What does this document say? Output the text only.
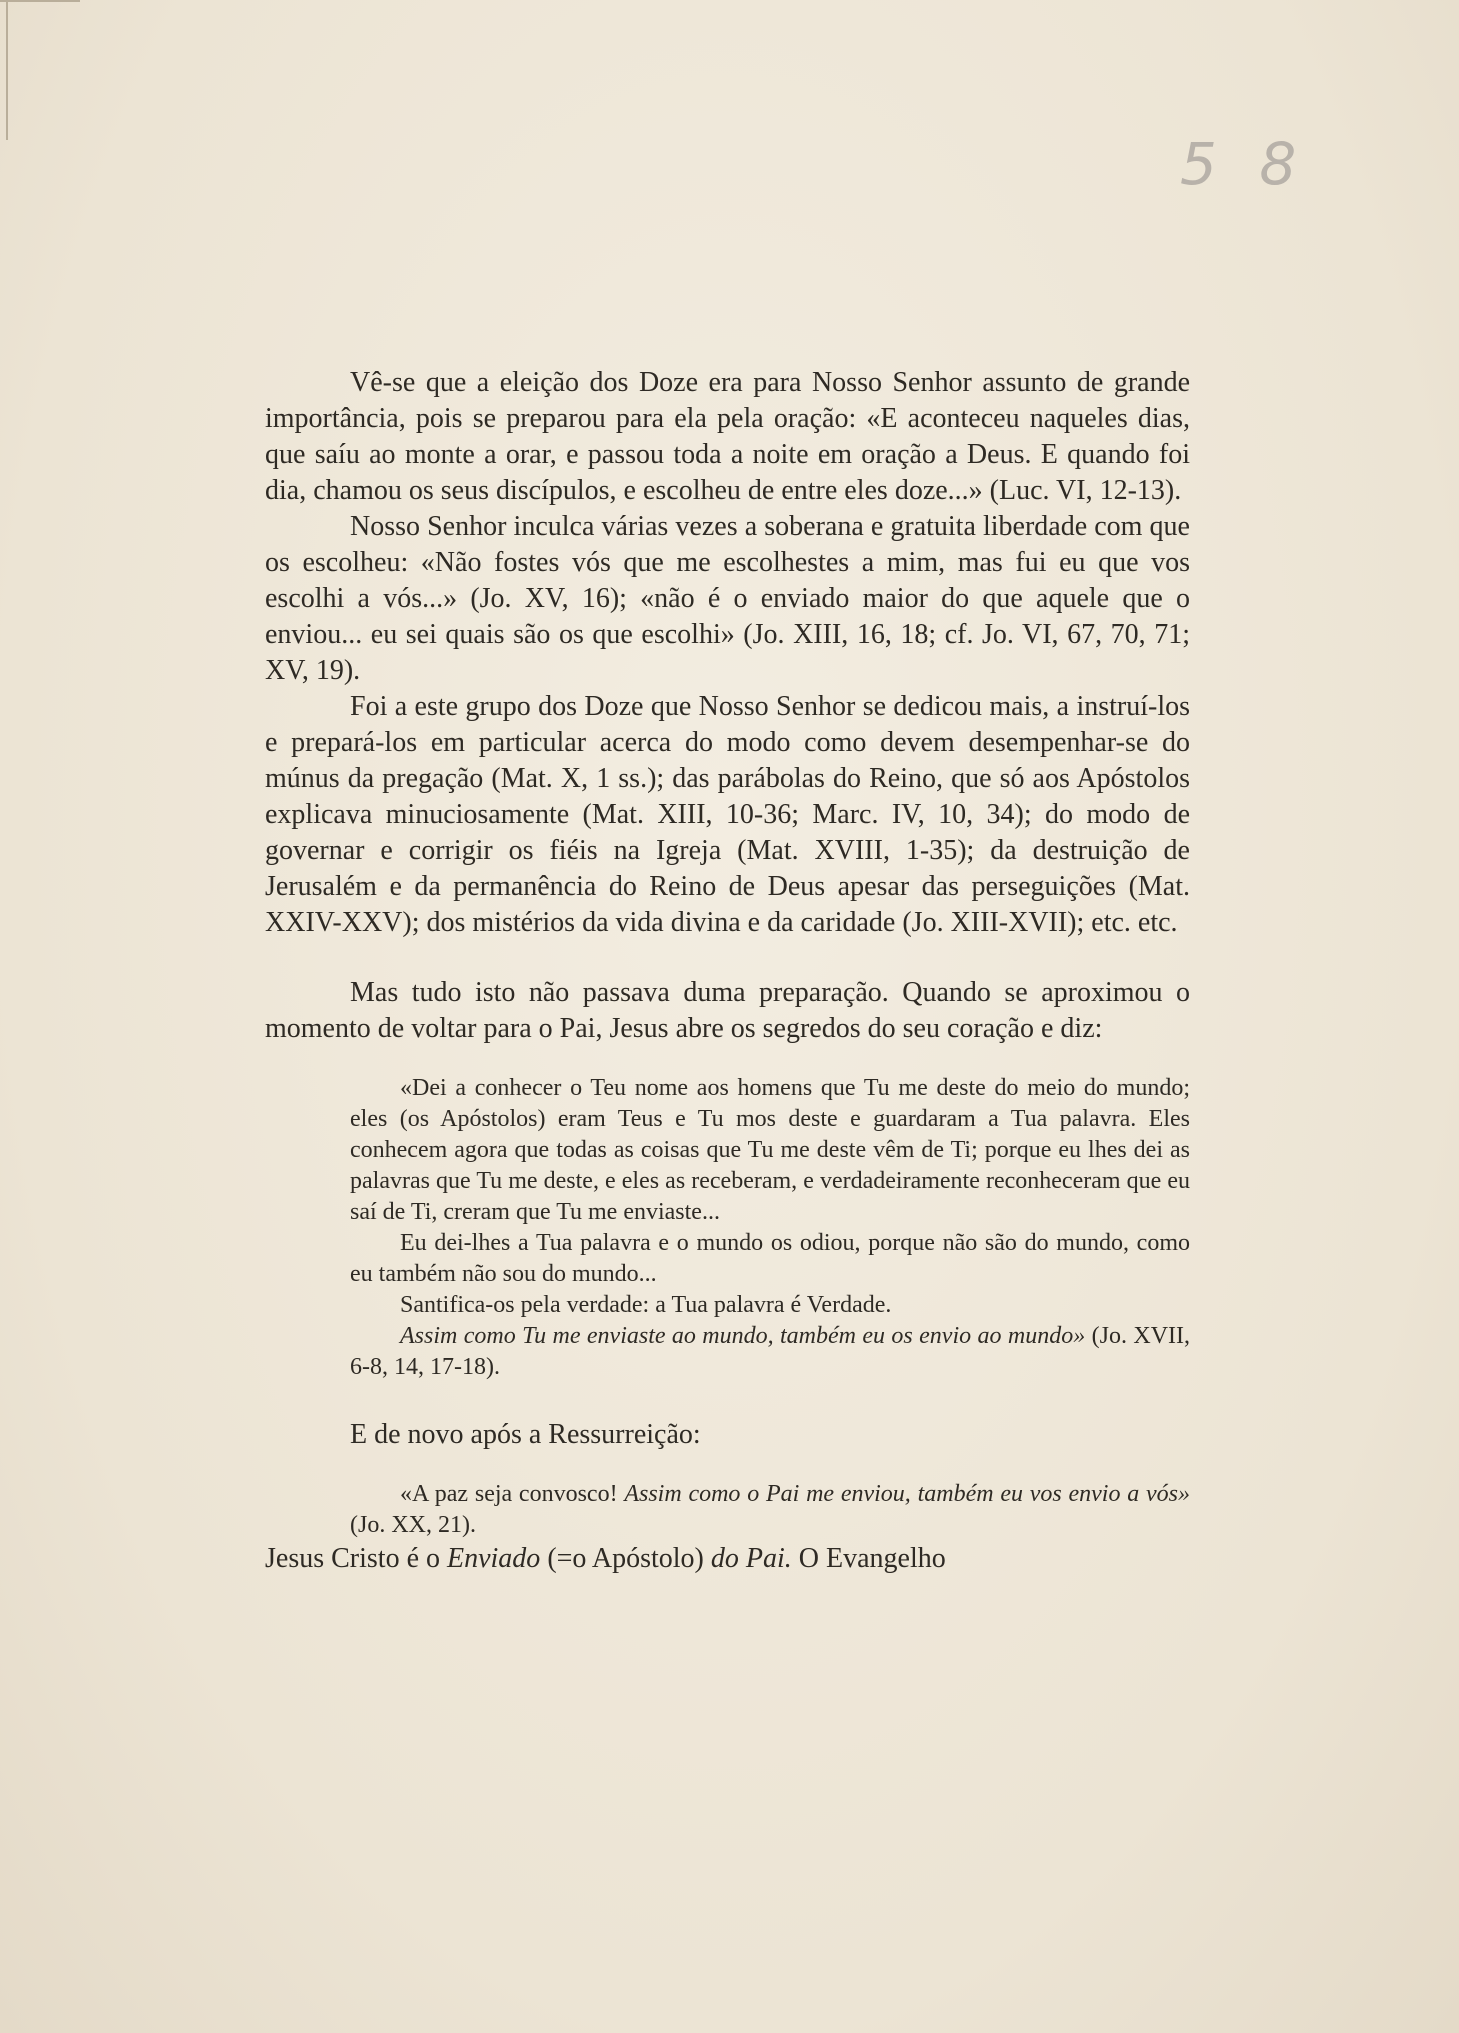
5 8

Vê-se que a eleição dos Doze era para Nosso Senhor assunto de grande importância, pois se preparou para ela pela oração: «E aconteceu naqueles dias, que saíu ao monte a orar, e passou toda a noite em oração a Deus. E quando foi dia, chamou os seus discípulos, e escolheu de entre eles doze...» (Luc. VI, 12-13).

Nosso Senhor inculca várias vezes a soberana e gratuita liberdade com que os escolheu: «Não fostes vós que me escolhestes a mim, mas fui eu que vos escolhi a vós...» (Jo. XV, 16); «não é o enviado maior do que aquele que o enviou... eu sei quais são os que escolhi» (Jo. XIII, 16, 18; cf. Jo. VI, 67, 70, 71; XV, 19).

Foi a este grupo dos Doze que Nosso Senhor se dedicou mais, a instruí-los e prepará-los em particular acerca do modo como devem desempenhar-se do múnus da pregação (Mat. X, 1 ss.); das parábolas do Reino, que só aos Apóstolos explicava minuciosamente (Mat. XIII, 10-36; Marc. IV, 10, 34); do modo de governar e corrigir os fiéis na Igreja (Mat. XVIII, 1-35); da destruição de Jerusalém e da permanência do Reino de Deus apesar das perseguições (Mat. XXIV-XXV); dos mistérios da vida divina e da caridade (Jo. XIII-XVII); etc. etc.

Mas tudo isto não passava duma preparação. Quando se aproximou o momento de voltar para o Pai, Jesus abre os segredos do seu coração e diz:

«Dei a conhecer o Teu nome aos homens que Tu me deste do meio do mundo; eles (os Apóstolos) eram Teus e Tu mos deste e guardaram a Tua palavra. Eles conhecem agora que todas as coisas que Tu me deste vêm de Ti; porque eu lhes dei as palavras que Tu me deste, e eles as receberam, e verdadeiramente reconheceram que eu saí de Ti, creram que Tu me enviaste...

Eu dei-lhes a Tua palavra e o mundo os odiou, porque não são do mundo, como eu também não sou do mundo...

Santifica-os pela verdade: a Tua palavra é Verdade.

Assim como Tu me enviaste ao mundo, também eu os envio ao mundo» (Jo. XVII, 6-8, 14, 17-18).

E de novo após a Ressurreição:

«A paz seja convosco! Assim como o Pai me enviou, também eu vos envio a vós» (Jo. XX, 21).

Jesus Cristo é o Enviado (=o Apóstolo) do Pai. O Evangelho
